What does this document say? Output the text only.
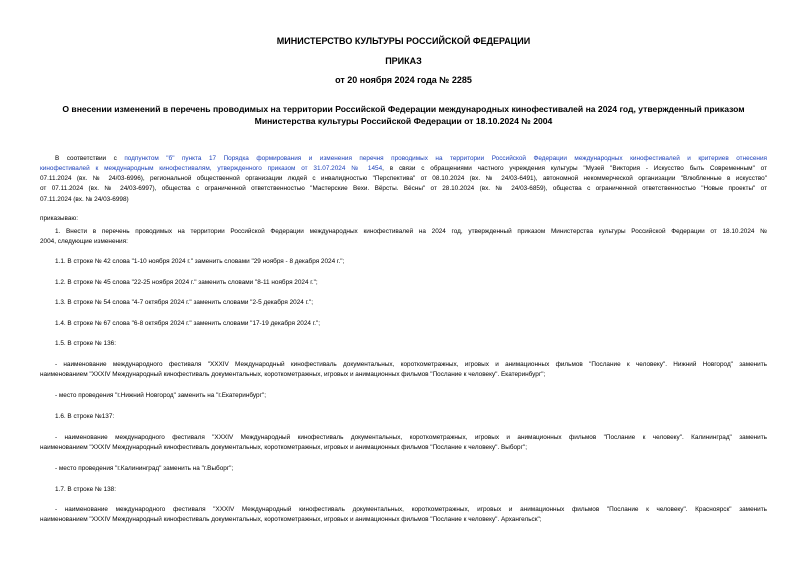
МИНИСТЕРСТВО КУЛЬТУРЫ РОССИЙСКОЙ ФЕДЕРАЦИИ
ПРИКАЗ
от 20 ноября 2024 года № 2285
О внесении изменений в перечень проводимых на территории Российской Федерации международных кинофестивалей на 2024 год, утвержденный приказом
Министерства культуры Российской Федерации от 18.10.2024 № 2004
В соответствии с подпунктом "б" пункта 17 Порядка формирования и изменения перечня проводимых на территории Российской Федерации международных кинофестивалей и критериев отнесения
кинофестивалей к международным кинофестивалям, утвержденного приказом от 31.07.2024 № 1454, в связи с обращениями частного учреждения культуры "Музей "Виктория - Искусство быть Современным" от
07.11.2024 (вх. № 24/03-6996), региональной общественной организации людей с инвалидностью "Перспектива" от 08.10.2024 (вх. № 24/03-6491), автономной некоммерческой организации "Влюбленные в искусство"
от 07.11.2024 (вх. № 24/03-6997), общества с ограниченной ответственностью "Мастерские Вехи. Вёрсты. Вёсны" от 28.10.2024 (вх. № 24/03-6859), общества с ограниченной ответственностью "Новые проекты" от
07.11.2024 (вх. № 24/03-6998)
приказываю:
1. Внести в перечень проводимых на территории Российской Федерации международных кинофестивалей на 2024 год, утвержденный приказом Министерства культуры Российской Федерации от 18.10.2024 №
2004, следующие изменения:
1.1. В строке № 42 слова "1-10 ноября 2024 г." заменить словами "29 ноября - 8 декабря 2024 г.";
1.2. В строке № 45 слова "22-25 ноября 2024 г." заменить словами "8-11 ноября 2024 г.";
1.3. В строке № 54 слова "4-7 октября 2024 г." заменить словами "2-5 декабря 2024 г.";
1.4. В строке № 67 слова "6-8 октября 2024 г." заменить словами "17-19 декабря 2024 г.";
1.5. В строке № 136:
- наименование международного фестиваля "XXXIV Международный кинофестиваль документальных, короткометражных, игровых и анимационных фильмов "Послание к человеку". Нижний Новгород" заменить
наименованием "XXXIV Международный кинофестиваль документальных, короткометражных, игровых и анимационных фильмов "Послание к человеку". Екатеринбург";
- место проведения "г.Нижний Новгород" заменить на "г.Екатеринбург";
1.6. В строке №137:
- наименование международного фестиваля "XXXIV Международный кинофестиваль документальных, короткометражных, игровых и анимационных фильмов "Послание к человеку". Калининград" заменить
наименованием "XXXIV Международный кинофестиваль документальных, короткометражных, игровых и анимационных фильмов "Послание к человеку". Выборг";
- место проведения "г.Калининград" заменить на "г.Выборг";
1.7. В строке № 138:
- наименование международного фестиваля "XXXIV Международный кинофестиваль документальных, короткометражных, игровых и анимационных фильмов "Послание к человеку". Красноярск" заменить
наименованием "XXXIV Международный кинофестиваль документальных, короткометражных, игровых и анимационных фильмов "Послание к человеку". Архангельск";
